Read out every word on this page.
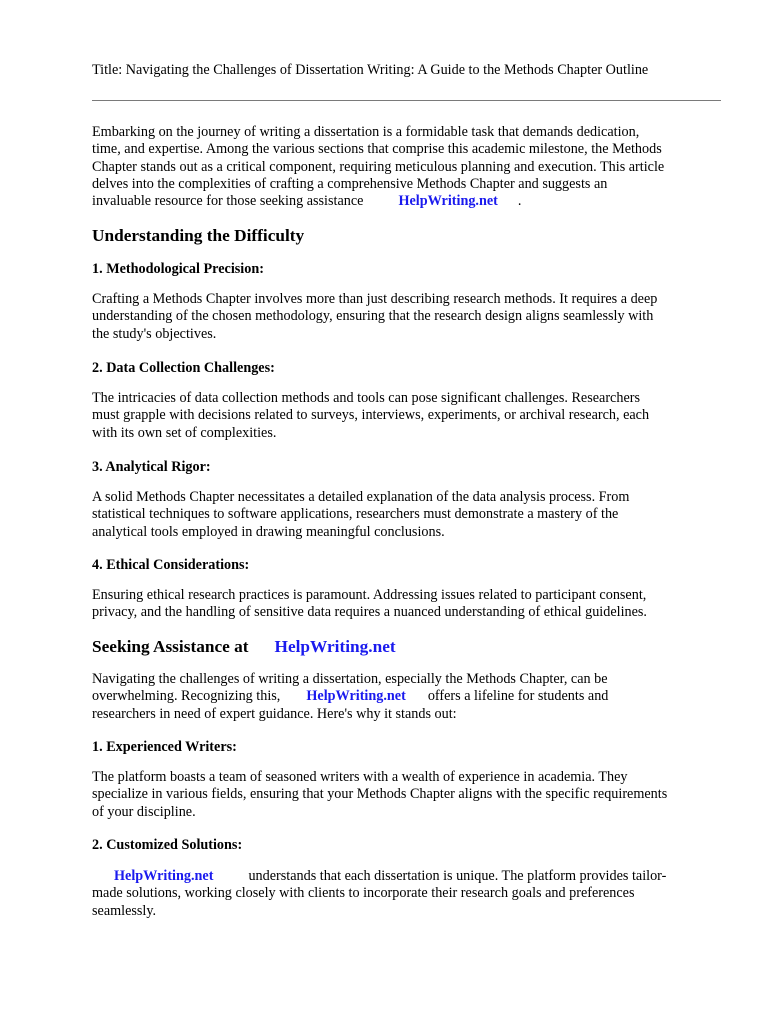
Title: Navigating the Challenges of Dissertation Writing: A Guide to the Methods Chapter Outline
Embarking on the journey of writing a dissertation is a formidable task that demands dedication,
time, and expertise. Among the various sections that comprise this academic milestone, the Methods
Chapter stands out as a critical component, requiring meticulous planning and execution. This article
delves into the complexities of crafting a comprehensive Methods Chapter and suggests an
invaluable resource for those seeking assistance HelpWriting.net .
Understanding the Difficulty
1. Methodological Precision:
Crafting a Methods Chapter involves more than just describing research methods. It requires a deep
understanding of the chosen methodology, ensuring that the research design aligns seamlessly with
the study's objectives.
2. Data Collection Challenges:
The intricacies of data collection methods and tools can pose significant challenges. Researchers
must grapple with decisions related to surveys, interviews, experiments, or archival research, each
with its own set of complexities.
3. Analytical Rigor:
A solid Methods Chapter necessitates a detailed explanation of the data analysis process. From
statistical techniques to software applications, researchers must demonstrate a mastery of the
analytical tools employed in drawing meaningful conclusions.
4. Ethical Considerations:
Ensuring ethical research practices is paramount. Addressing issues related to participant consent,
privacy, and the handling of sensitive data requires a nuanced understanding of ethical guidelines.
Seeking Assistance at HelpWriting.net
Navigating the challenges of writing a dissertation, especially the Methods Chapter, can be
overwhelming. Recognizing this, HelpWriting.net offers a lifeline for students and
researchers in need of expert guidance. Here's why it stands out:
1. Experienced Writers:
The platform boasts a team of seasoned writers with a wealth of experience in academia. They
specialize in various fields, ensuring that your Methods Chapter aligns with the specific requirements
of your discipline.
2. Customized Solutions:
HelpWriting.net understands that each dissertation is unique. The platform provides tailor-
made solutions, working closely with clients to incorporate their research goals and preferences
seamlessly.
